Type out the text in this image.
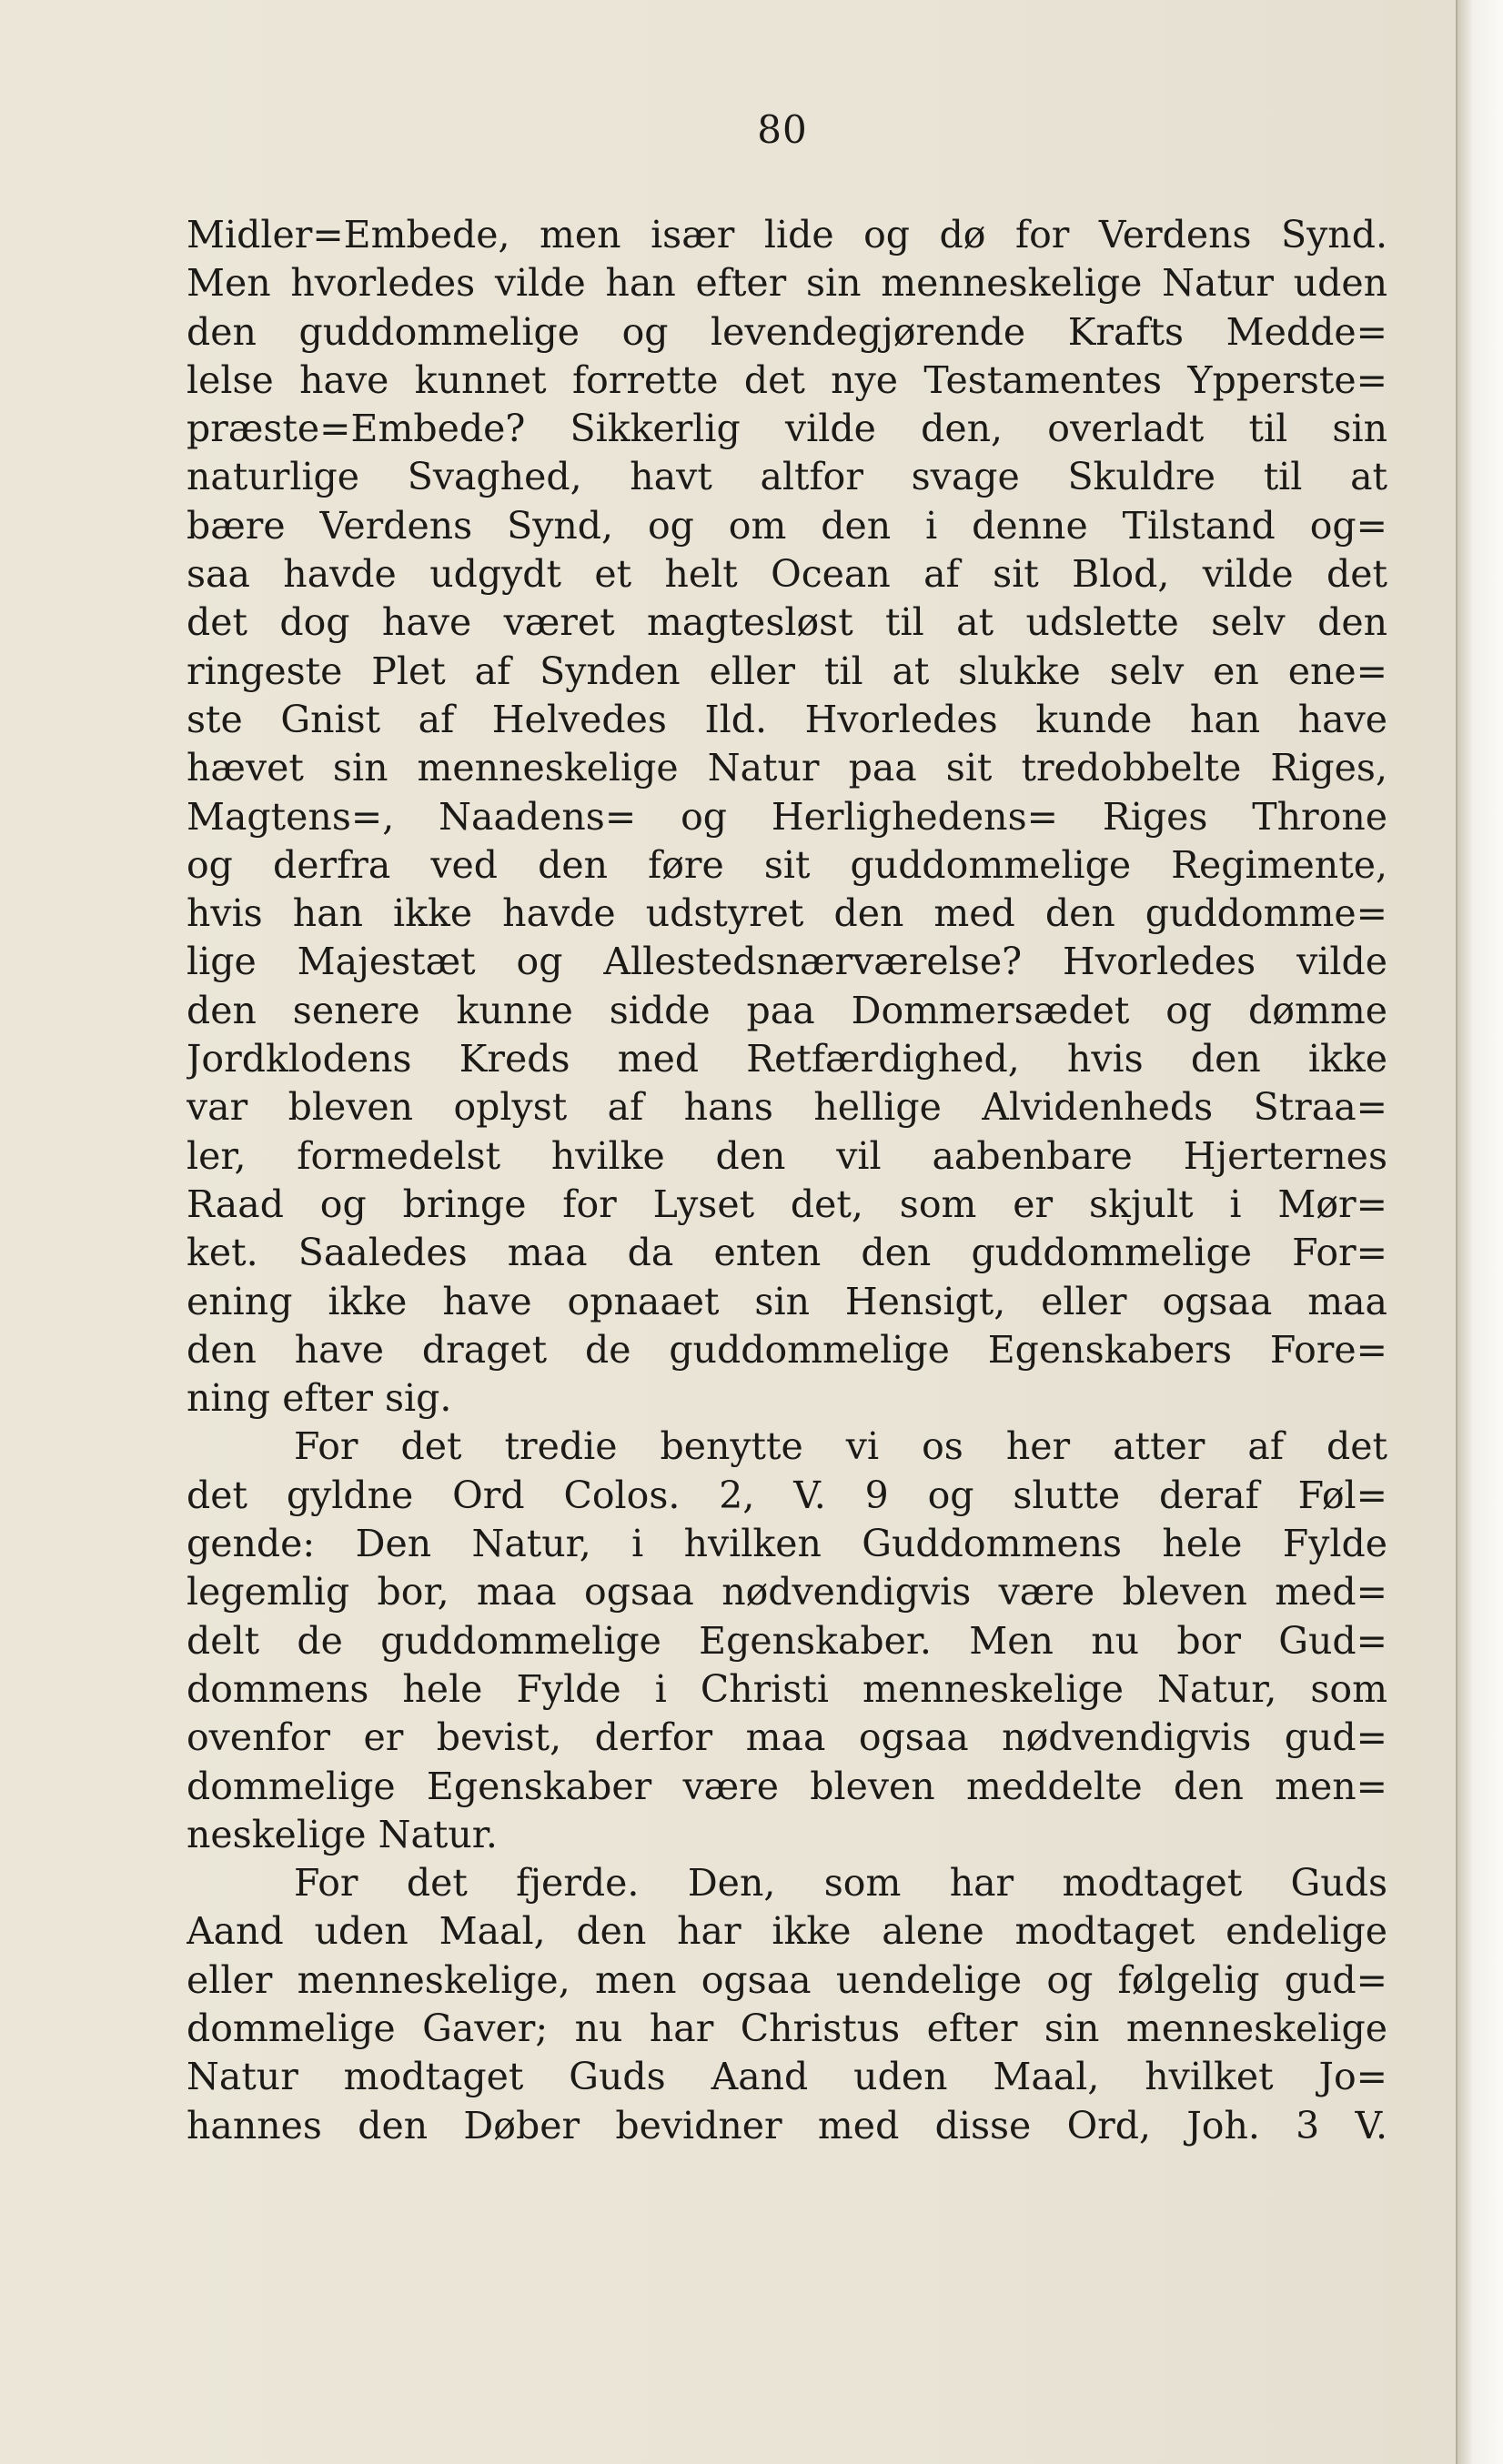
80
Midler=Embede, men især lide og dø for Verdens Synd.
Men hvorledes vilde han efter sin menneskelige Natur uden
den guddommelige og levendegjørende Krafts Medde=
lelse have kunnet forrette det nye Testamentes Ypperste=
præste=Embede? Sikkerlig vilde den, overladt til sin
naturlige Svaghed, havt altfor svage Skuldre til at
bære Verdens Synd, og om den i denne Tilstand og=
saa havde udgydt et helt Ocean af sit Blod, vilde det
det dog have været magtesløst til at udslette selv den
ringeste Plet af Synden eller til at slukke selv en ene=
ste Gnist af Helvedes Ild. Hvorledes kunde han have
hævet sin menneskelige Natur paa sit tredobbelte Riges,
Magtens=, Naadens= og Herlighedens= Riges Throne
og derfra ved den føre sit guddommelige Regimente,
hvis han ikke havde udstyret den med den guddomme=
lige Majestæt og Allestedsnærværelse? Hvorledes vilde
den senere kunne sidde paa Dommersædet og dømme
Jordklodens Kreds med Retfærdighed, hvis den ikke
var bleven oplyst af hans hellige Alvidenheds Straa=
ler, formedelst hvilke den vil aabenbare Hjerternes
Raad og bringe for Lyset det, som er skjult i Mør=
ket. Saaledes maa da enten den guddommelige For=
ening ikke have opnaaet sin Hensigt, eller ogsaa maa
den have draget de guddommelige Egenskabers Fore=
ning efter sig.
For det tredie benytte vi os her atter af det
det gyldne Ord Colos. 2, V. 9 og slutte deraf Føl=
gende: Den Natur, i hvilken Guddommens hele Fylde
legemlig bor, maa ogsaa nødvendigvis være bleven med=
delt de guddommelige Egenskaber. Men nu bor Gud=
dommens hele Fylde i Christi menneskelige Natur, som
ovenfor er bevist, derfor maa ogsaa nødvendigvis gud=
dommelige Egenskaber være bleven meddelte den men=
neskelige Natur.
For det fjerde. Den, som har modtaget Guds
Aand uden Maal, den har ikke alene modtaget endelige
eller menneskelige, men ogsaa uendelige og følgelig gud=
dommelige Gaver; nu har Christus efter sin menneskelige
Natur modtaget Guds Aand uden Maal, hvilket Jo=
hannes den Døber bevidner med disse Ord, Joh. 3 V.
